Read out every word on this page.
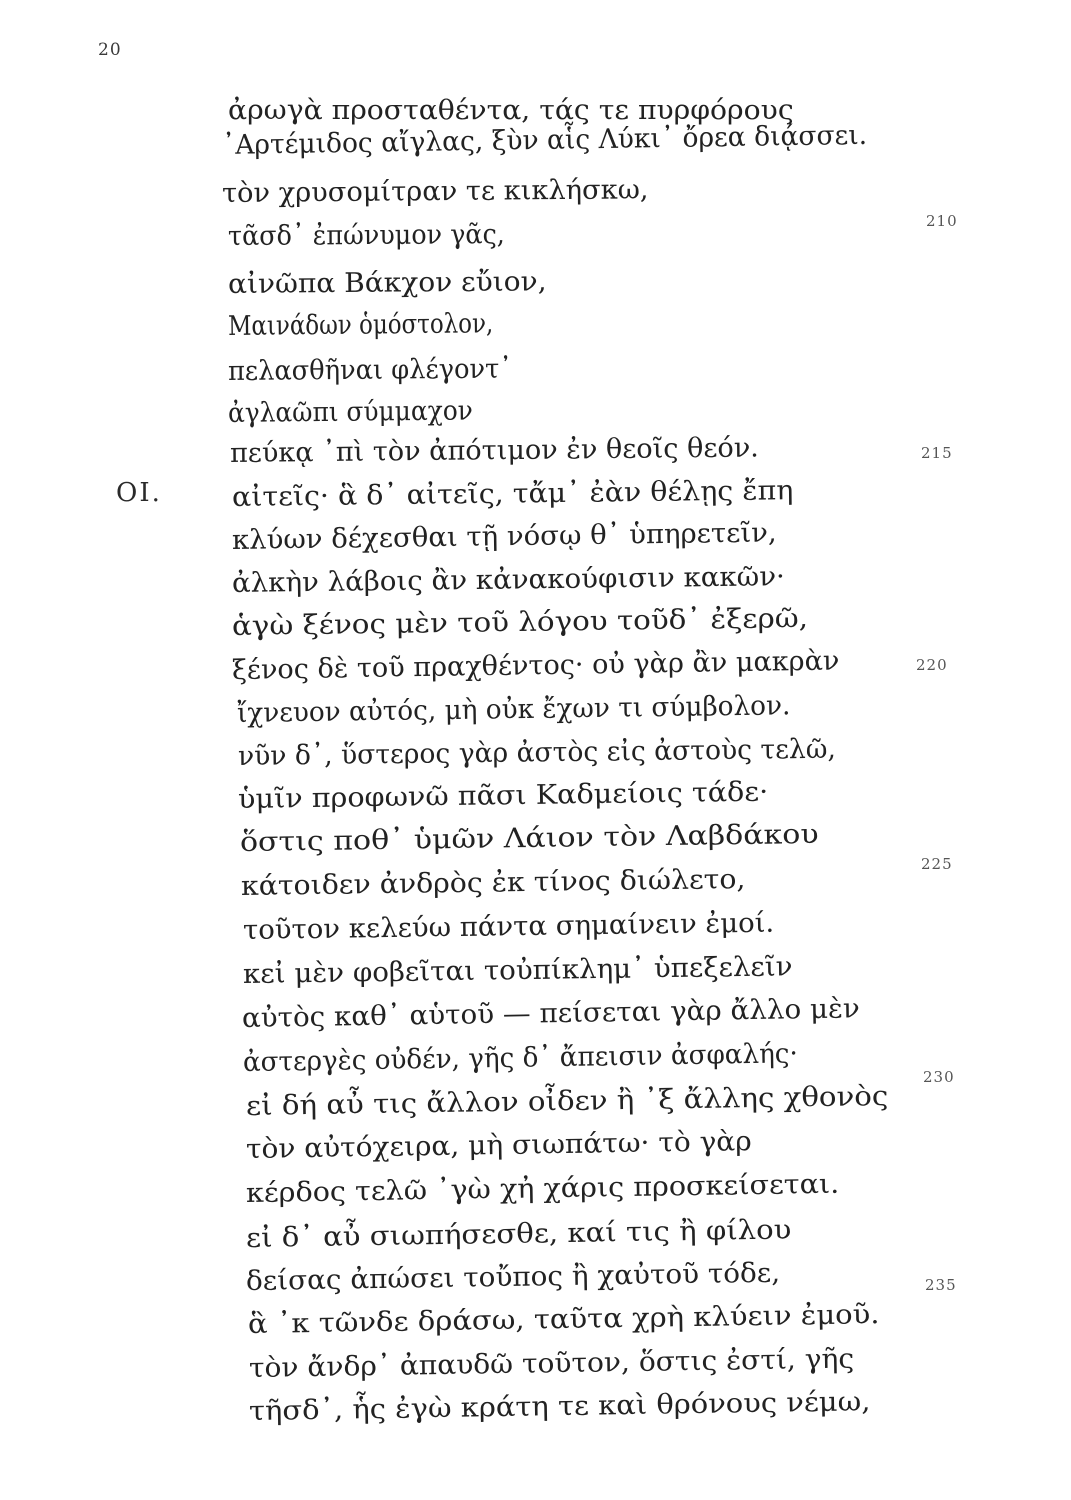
20
ΟΙ.
ἀρωγὰ προσταθέντα, τάς τε πυρφόρους
᾿Αρτέμιδος αἴγλας, ξὺν αἷς Λύκι᾿ ὄρεα διᾴσσει.
τὸν χρυσομίτραν τε κικλήσκω,
τᾶσδ᾿ ἐπώνυμον γᾶς,	210
αἰνῶπα Βάκχον εὔιον,
Μαινάδων ὁμόστολον,
πελασθῆναι φλέγοντ᾿
ἀγλαῶπι σύμμαχον
πεύκᾳ ᾿πὶ τὸν ἀπότιμον ἐν θεοῖς θεόν.	215
αἰτεῖς· ἃ δ᾿ αἰτεῖς, τἄμ᾿ ἐὰν θέλῃς ἔπη
κλύων δέχεσθαι τῇ νόσῳ θ᾿ ὑπηρετεῖν,
ἀλκὴν λάβοις ἂν κἀνακούφισιν κακῶν·
ἁγὼ ξένος μὲν τοῦ λόγου τοῦδ᾿ ἐξερῶ,
ξένος δὲ τοῦ πραχθέντος· οὐ γὰρ ἂν μακρὰν	220
ἴχνευον αὐτός, μὴ οὐκ ἔχων τι σύμβολον.
νῦν δ᾿, ὕστερος γὰρ ἀστὸς εἰς ἀστοὺς τελῶ,
ὑμῖν προφωνῶ πᾶσι Καδμείοις τάδε·
ὅστις ποθ᾿ ὑμῶν Λάιον τὸν Λαβδάκου
κάτοιδεν ἀνδρὸς ἐκ τίνος διώλετο,	225
τοῦτον κελεύω πάντα σημαίνειν ἐμοί.
κεἰ μὲν φοβεῖται τοὐπίκλημ᾿ ὑπεξελεῖν
αὐτὸς καθ᾿ αὑτοῦ — πείσεται γὰρ ἄλλο μὲν
ἀστεργὲς οὐδέν, γῆς δ᾿ ἄπεισιν ἀσφαλής·
εἰ δή αὖ τις ἄλλον οἶδεν ἢ ᾿ξ ἄλλης χθονὸς
230
τὸν αὐτόχειρα, μὴ σιωπάτω· τὸ γὰρ
κέρδος τελῶ ᾿γὼ χἠ χάρις προσκείσεται.
εἰ δ᾿ αὖ σιωπήσεσθε, καί τις ἢ φίλου
δείσας ἀπώσει τοὔπος ἢ χαὐτοῦ τόδε,
ἃ ᾿κ τῶνδε δράσω, ταῦτα χρὴ κλύειν ἐμοῦ.
235
τὸν ἄνδρ᾿ ἀπαυδῶ τοῦτον, ὅστις ἐστί, γῆς
τῆσδ᾿, ἧς ἐγὼ κράτη τε καὶ θρόνους νέμω,
